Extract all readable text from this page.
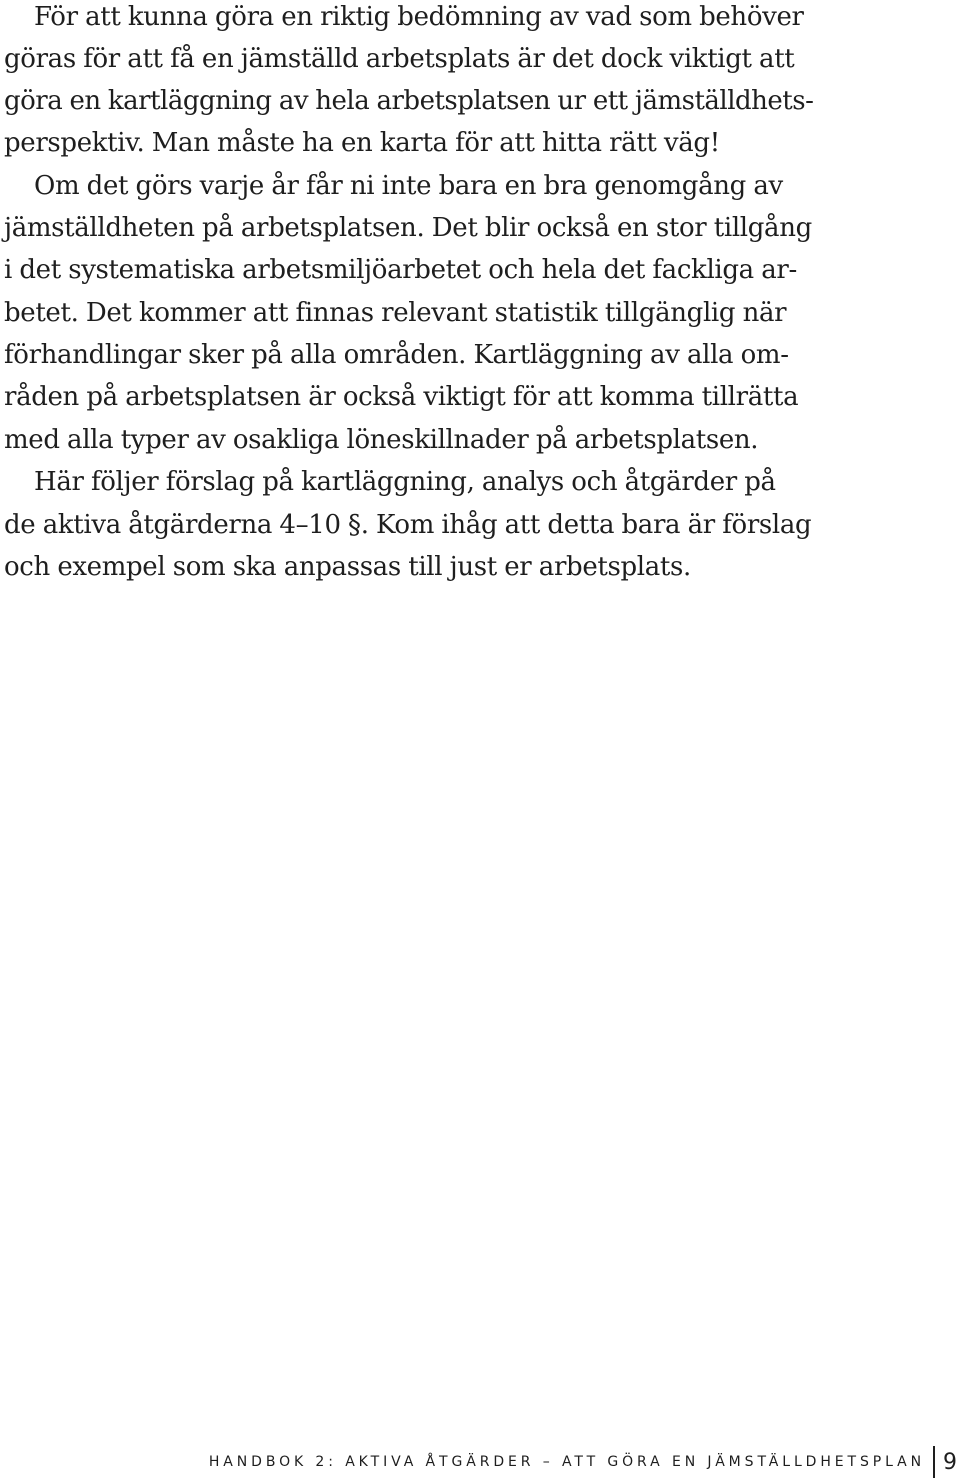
För att kunna göra en riktig bedömning av vad som behöver
göras för att få en jämställd arbetsplats är det dock viktigt att
göra en kartläggning av hela arbetsplatsen ur ett jämställdhets-
perspektiv. Man måste ha en karta för att hitta rätt väg!
Om det görs varje år får ni inte bara en bra genomgång av
jämställdheten på arbetsplatsen. Det blir också en stor tillgång
i det systematiska arbetsmiljöarbetet och hela det fackliga ar-
betet. Det kommer att finnas relevant statistik tillgänglig när
förhandlingar sker på alla områden. Kartläggning av alla om-
råden på arbetsplatsen är också viktigt för att komma tillrätta
med alla typer av osakliga löneskillnader på arbetsplatsen.
Här följer förslag på kartläggning, analys och åtgärder på
de aktiva åtgärderna 4–10 §. Kom ihåg att detta bara är förslag
och exempel som ska anpassas till just er arbetsplats.
HANDBOK 2: AKTIVA ÅTGÄRDER – ATT GÖRA EN JÄMSTÄLLDHETSPLAN 9
